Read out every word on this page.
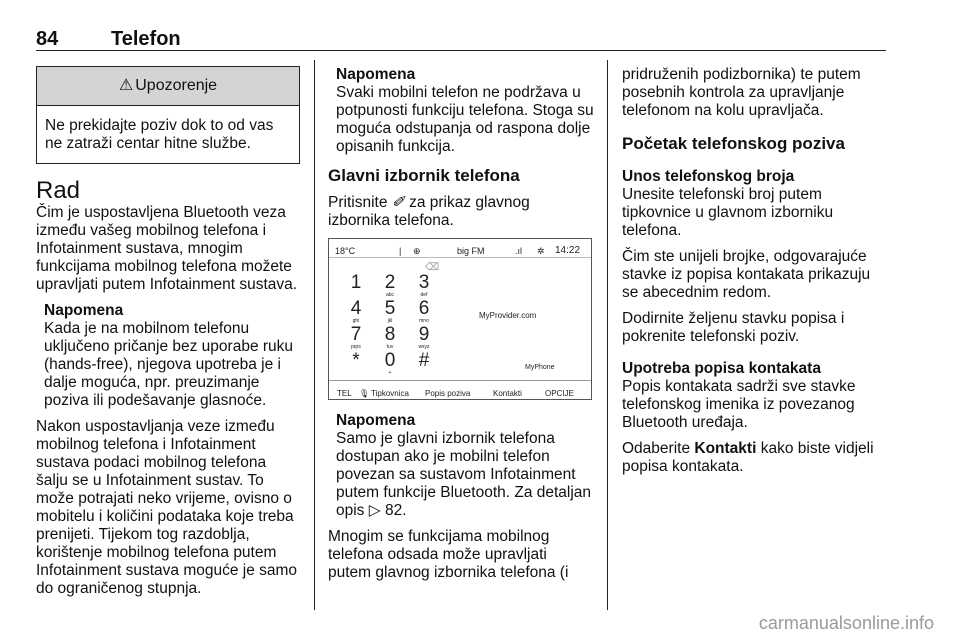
84	Telefon
⚠ Upozorenje
Ne prekidajte poziv dok to od vas ne zatraži centar hitne službe.
Rad

Čim je uspostavljena Bluetooth veza između vašeg mobilnog telefona i Infotainment sustava, mnogim funkcijama mobilnog telefona možete upravljati putem Infotainment sustava.

Napomena
Kada je na mobilnom telefonu uključeno pričanje bez uporabe ruku (hands-free), njegova upotreba je i dalje moguća, npr. preuzimanje poziva ili podešavanje glasnoće.

Nakon uspostavljanja veze između mobilnog telefona i Infotainment sustava podaci mobilnog telefona šalju se u Infotainment sustav. To može potrajati neko vrijeme, ovisno o mobitelu i količini podataka koje treba prenijeti. Tijekom tog razdoblja, korištenje mobilnog telefona putem Infotainment sustava moguće je samo do ograničenog stupnja.

Napomena
Svaki mobilni telefon ne podržava u potpunosti funkciju telefona. Stoga su moguća odstupanja od raspona dolje opisanih funkcija.
Glavni izbornik telefona

Pritisnite ✐ za prikaz glavnog izbornika telefona.

18°C	| ⊕	big FM	.ıl ✲ 14:22
⌫
1	2
abc
3
def
4
ghi
5
jkl
6
mno
7
pqrs
8
tuv
9
wxyz
*	0
+
#
MyProvider.com
MyPhone
TEL 🎙 Tipkovnica Popis poziva	Kontakti	OPCIJE
Napomena
Samo je glavni izbornik telefona dostupan ako je mobilni telefon povezan sa sustavom Infotainment putem funkcije Bluetooth. Za detaljan opis ▷ 82.

Mnogim se funkcijama mobilnog telefona odsada može upravljati putem glavnog izbornika telefona (i

pridruženih podizbornika) te putem posebnih kontrola za upravljanje telefonom na kolu upravljača.

Početak telefonskog poziva
Unos telefonskog broja

Unesite telefonski broj putem tipkovnice u glavnom izborniku telefona.

Čim ste unijeli brojke, odgovarajuće stavke iz popisa kontakata prikazuju se abecednim redom.

Dodirnite željenu stavku popisa i pokrenite telefonski poziv.

Upotreba popisa kontakata

Popis kontakata sadrži sve stavke telefonskog imenika iz povezanog Bluetooth uređaja.

Odaberite Kontakti kako biste vidjeli popisa kontakata.

carmanualsonline.info
